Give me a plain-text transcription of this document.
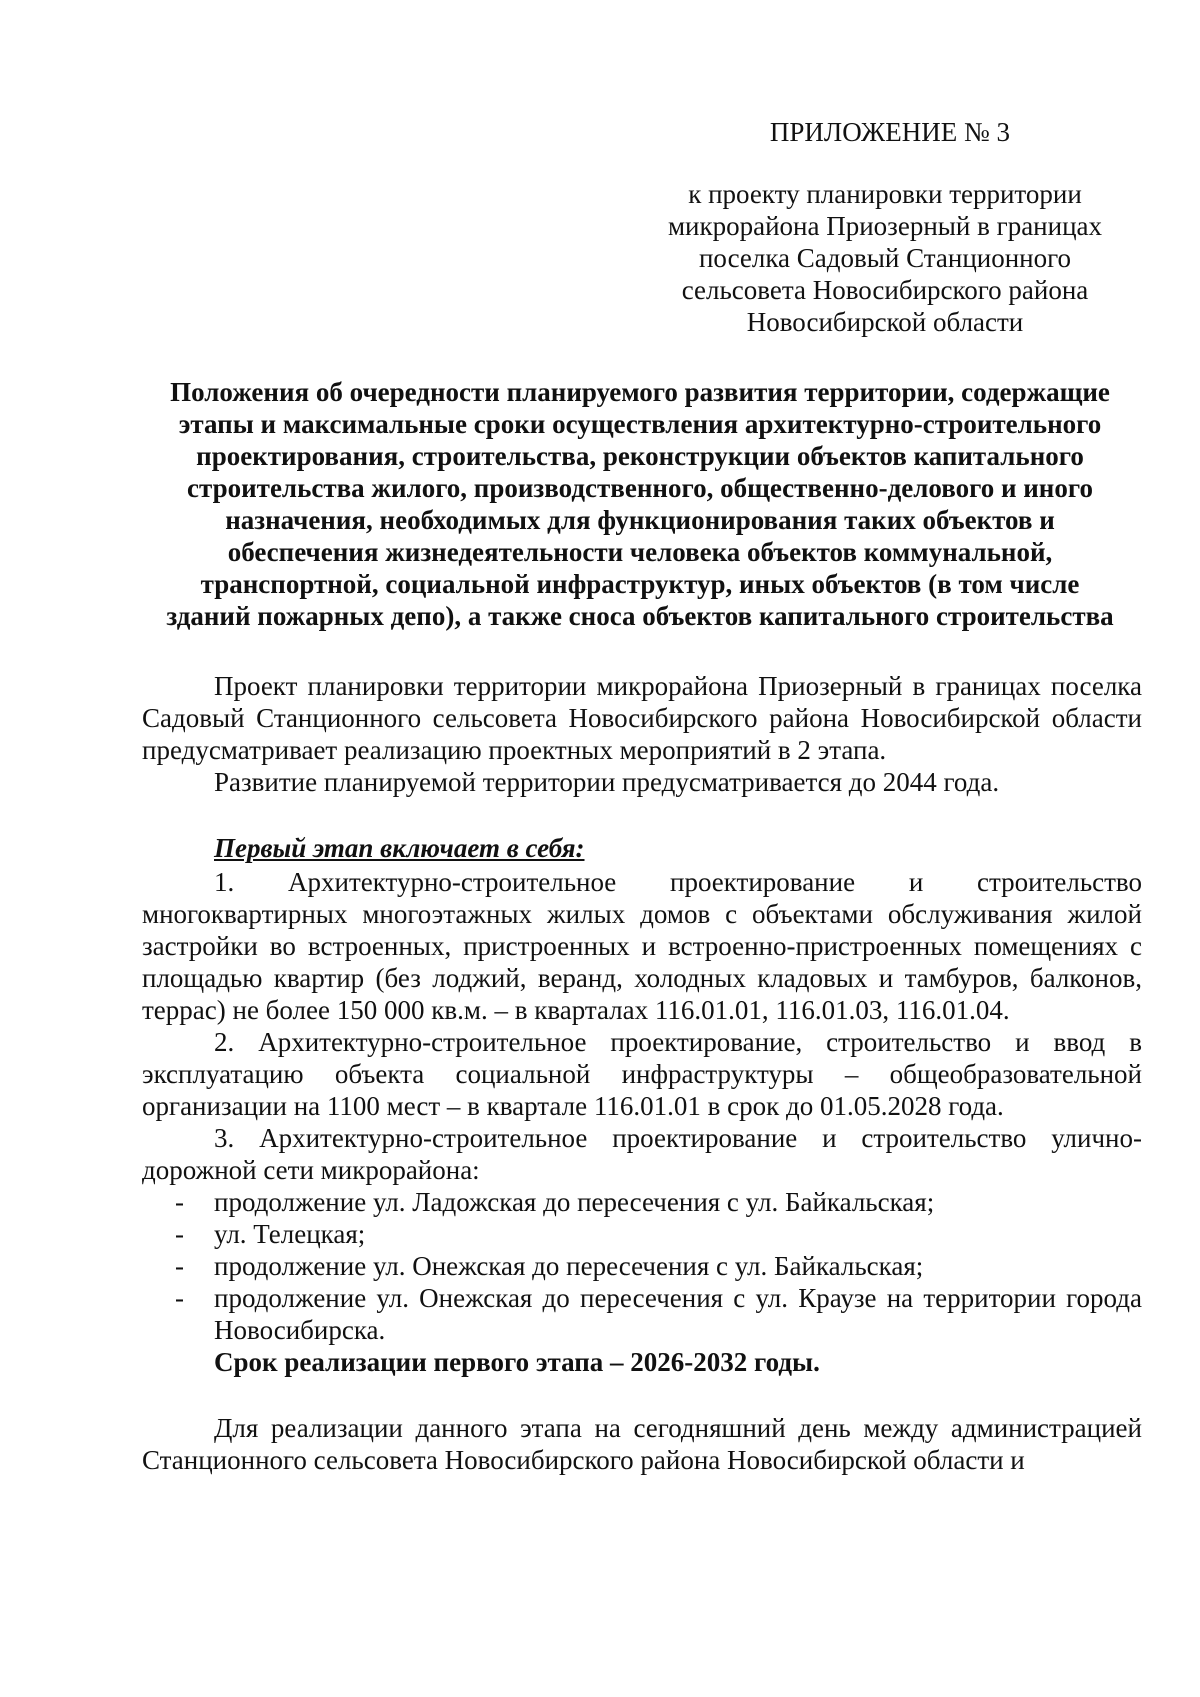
ПРИЛОЖЕНИЕ № 3
к проекту планировки территории
микрорайона Приозерный в границах
поселка Садовый Станционного
сельсовета Новосибирского района
Новосибирской области
Положения об очередности планируемого развития территории, содержащие
этапы и максимальные сроки осуществления архитектурно-строительного
проектирования, строительства, реконструкции объектов капитального
строительства жилого, производственного, общественно-делового и иного
назначения, необходимых для функционирования таких объектов и
обеспечения жизнедеятельности человека объектов коммунальной,
транспортной, социальной инфраструктур, иных объектов (в том числе
зданий пожарных депо), а также сноса объектов капитального строительства

Проект планировки территории микрорайона Приозерный в границах поселка Садовый Станционного сельсовета Новосибирского района Новосибирской области предусматривает реализацию проектных мероприятий в 2 этапа.

Развитие планируемой территории предусматривается до 2044 года.

Первый этап включает в себя:

1. Архитектурно-строительное проектирование и строительство многоквартирных многоэтажных жилых домов с объектами обслуживания жилой застройки во встроенных, пристроенных и встроенно-пристроенных помещениях с площадью квартир (без лоджий, веранд, холодных кладовых и тамбуров, балконов, террас) не более 150 000 кв.м. – в кварталах 116.01.01, 116.01.03, 116.01.04.

2. Архитектурно-строительное проектирование, строительство и ввод в эксплуатацию объекта социальной инфраструктуры – общеобразовательной организации на 1100 мест – в квартале 116.01.01 в срок до 01.05.2028 года.

3. Архитектурно-строительное проектирование и строительство улично-дорожной сети микрорайона:

- продолжение ул. Ладожская до пересечения с ул. Байкальская;
- ул. Телецкая;
- продолжение ул. Онежская до пересечения с ул. Байкальская;
- продолжение ул. Онежская до пересечения с ул. Краузе на территории города Новосибирска.

Срок реализации первого этапа – 2026-2032 годы.

Для реализации данного этапа на сегодняшний день между администрацией Станционного сельсовета Новосибирского района Новосибирской области и
